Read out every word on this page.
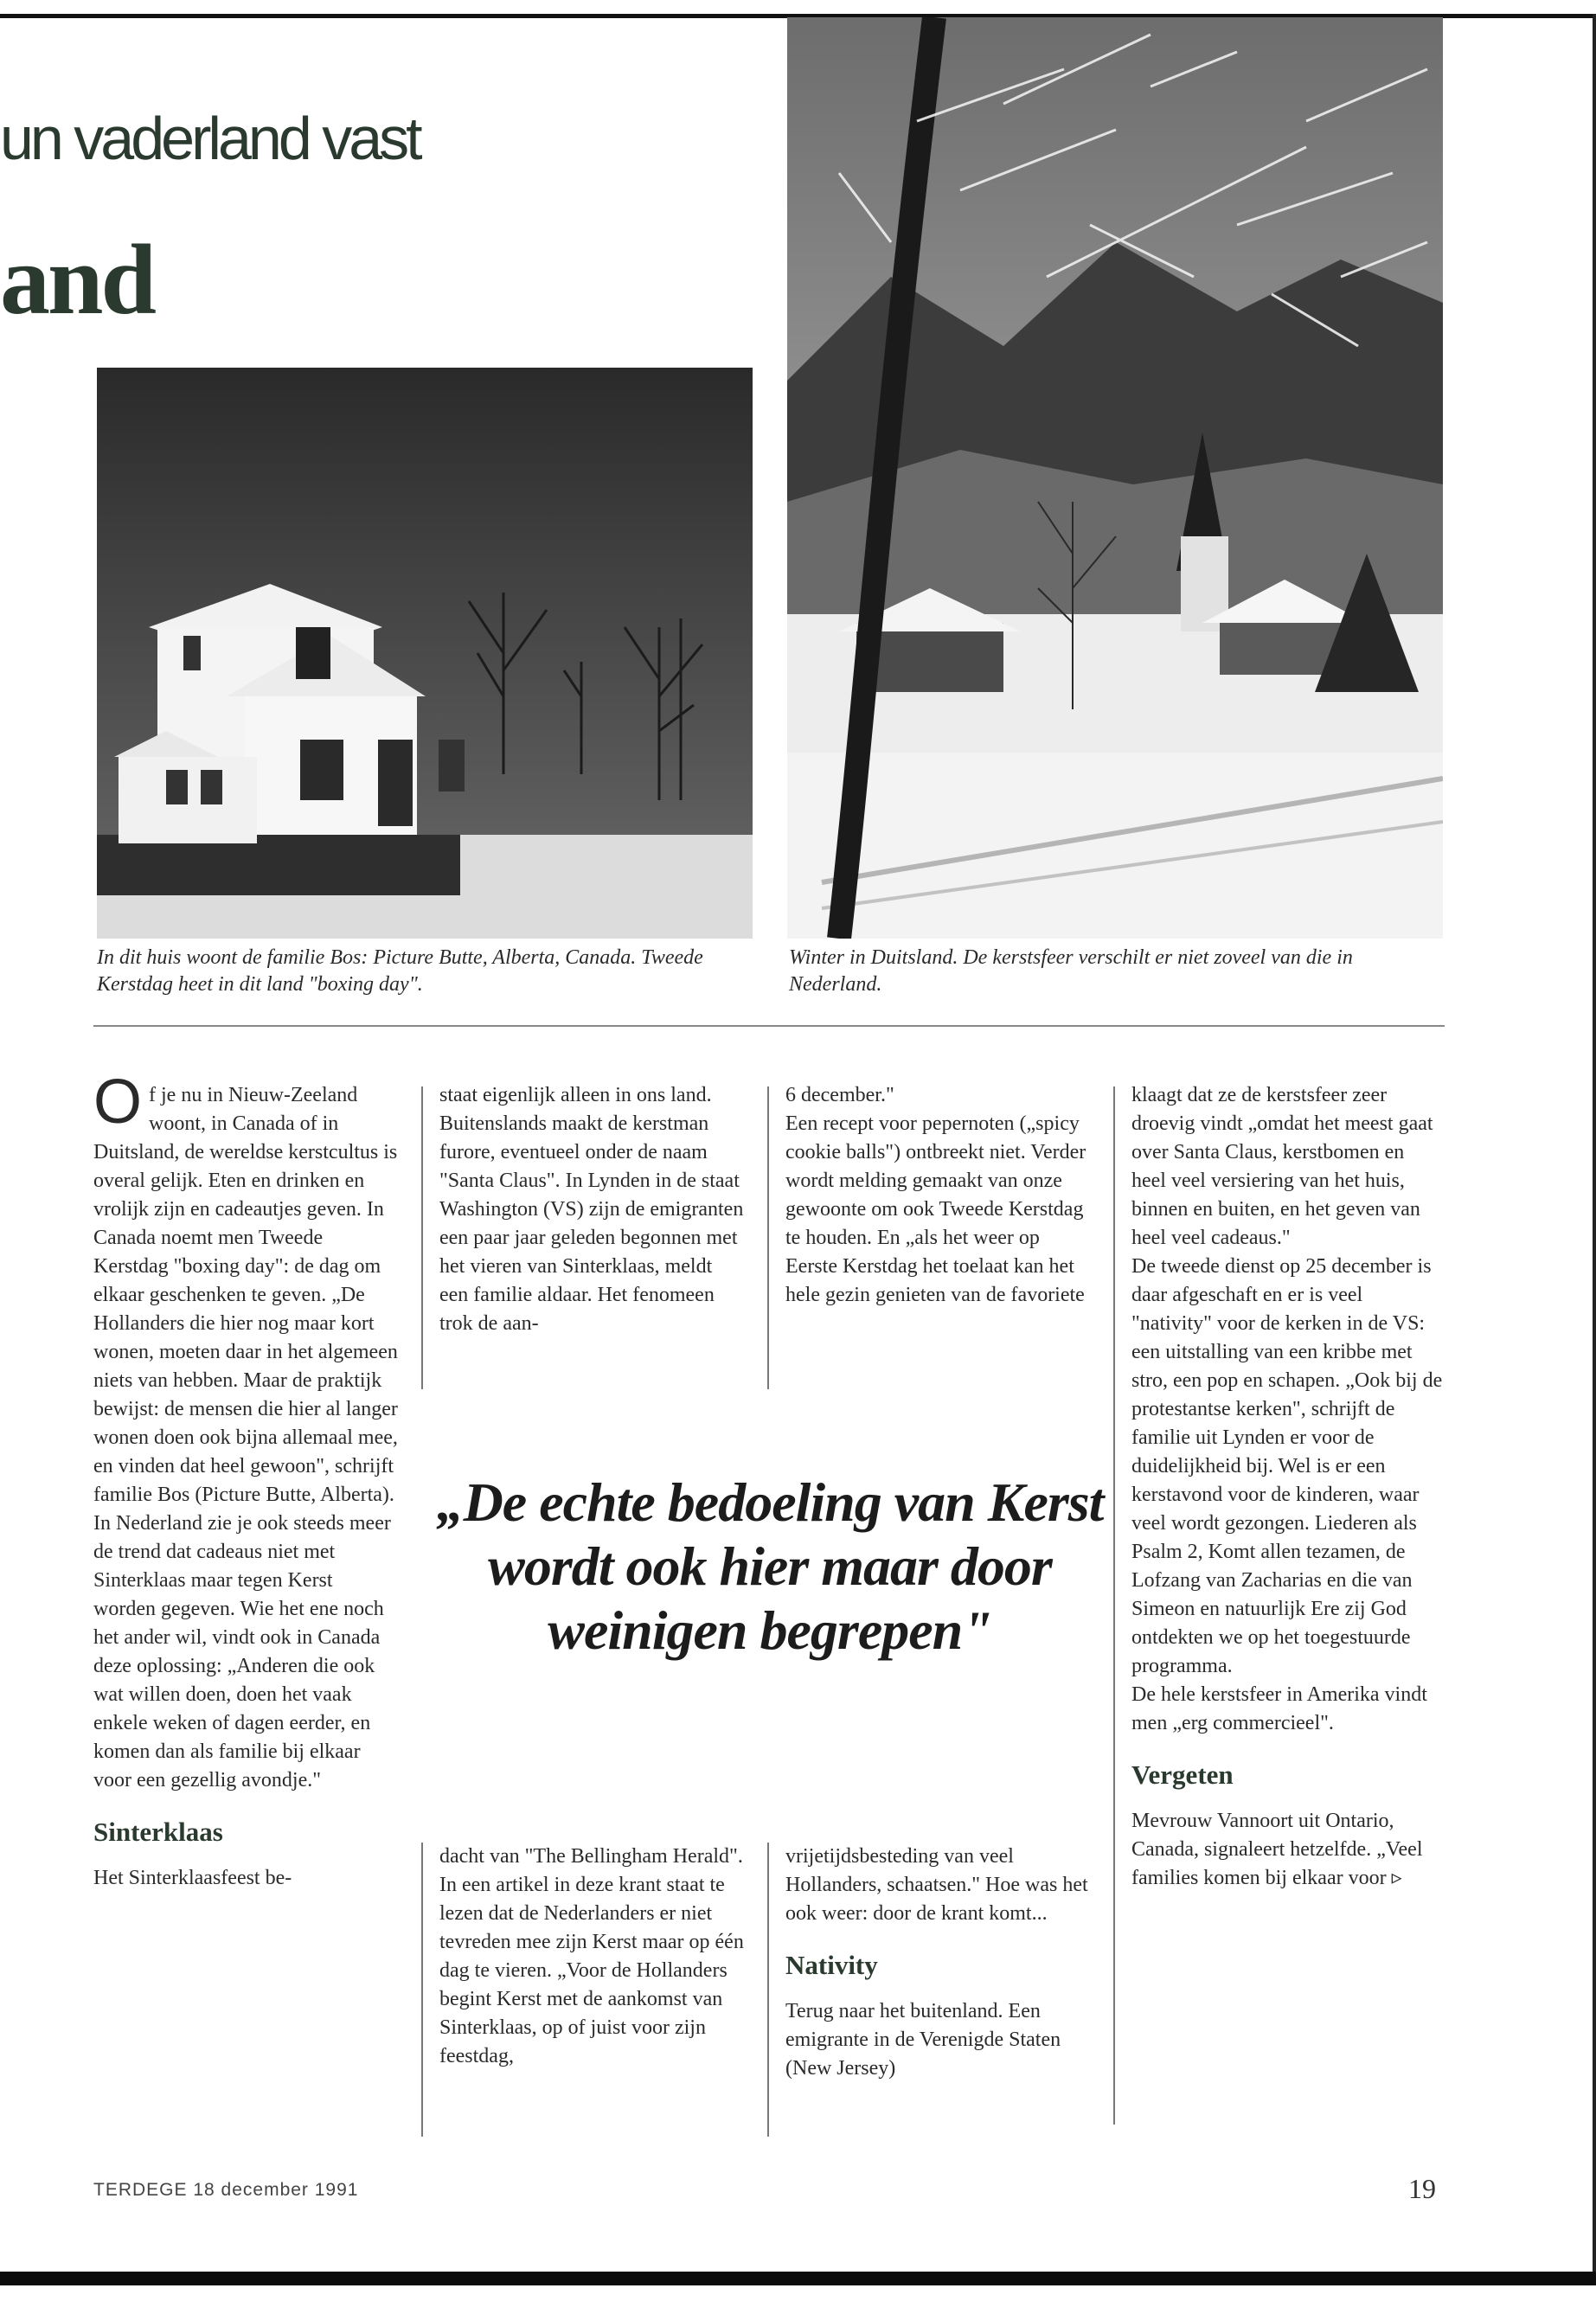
un vaderland vast
and
In dit huis woont de familie Bos: Picture Butte, Alberta, Canada. Tweede Kerstdag heet in dit land "boxing day".
Winter in Duitsland. De kerstsfeer verschilt er niet zoveel van die in Nederland.

Of je nu in Nieuw-Zeeland woont, in Canada of in Duitsland, de wereldse kerstcultus is overal gelijk. Eten en drinken en vrolijk zijn en cadeautjes geven. In Canada noemt men Tweede Kerstdag "boxing day": de dag om elkaar geschenken te geven. „De Hollanders die hier nog maar kort wonen, moeten daar in het algemeen niets van hebben. Maar de praktijk bewijst: de mensen die hier al langer wonen doen ook bijna allemaal mee, en vinden dat heel gewoon", schrijft familie Bos (Picture Butte, Alberta).

In Nederland zie je ook steeds meer de trend dat cadeaus niet met Sinterklaas maar tegen Kerst worden gegeven. Wie het ene noch het ander wil, vindt ook in Canada deze oplossing: „Anderen die ook wat willen doen, doen het vaak enkele weken of dagen eerder, en komen dan als familie bij elkaar voor een gezellig avondje."

Sinterklaas

Het Sinterklaasfeest be-

staat eigenlijk alleen in ons land. Buitenslands maakt de kerstman furore, eventueel onder de naam "Santa Claus". In Lynden in de staat Washington (VS) zijn de emigranten een paar jaar geleden begonnen met het vieren van Sinterklaas, meldt een familie aldaar. Het fenomeen trok de aan-

6 december."

Een recept voor pepernoten („spicy cookie balls") ontbreekt niet. Verder wordt melding gemaakt van onze gewoonte om ook Tweede Kerstdag te houden. En „als het weer op Eerste Kerstdag het toelaat kan het hele gezin genieten van de favoriete

klaagt dat ze de kerstsfeer zeer droevig vindt „omdat het meest gaat over Santa Claus, kerstbomen en heel veel versiering van het huis, binnen en buiten, en het geven van heel veel cadeaus."

De tweede dienst op 25 december is daar afgeschaft en er is veel "nativity" voor de kerken in de VS: een uitstalling van een kribbe met stro, een pop en schapen. „Ook bij de protestantse kerken", schrijft de familie uit Lynden er voor de duidelijkheid bij. Wel is er een kerstavond voor de kinderen, waar veel wordt gezongen. Liederen als Psalm 2, Komt allen tezamen, de Lofzang van Zacharias en die van Simeon en natuurlijk Ere zij God ontdekten we op het toegestuurde programma.

De hele kerstsfeer in Amerika vindt men „erg commercieel".

Vergeten

Mevrouw Vannoort uit Ontario, Canada, signaleert hetzelfde. „Veel families komen bij elkaar voor ▹

„De echte bedoeling van Kerst wordt ook hier maar door weinigen begrepen"

dacht van "The Bellingham Herald". In een artikel in deze krant staat te lezen dat de Nederlanders er niet tevreden mee zijn Kerst maar op één dag te vieren. „Voor de Hollanders begint Kerst met de aankomst van Sinterklaas, op of juist voor zijn feestdag,

vrijetijdsbesteding van veel Hollanders, schaatsen." Hoe was het ook weer: door de krant komt...

Nativity

Terug naar het buitenland. Een emigrante in de Verenigde Staten (New Jersey)

TERDEGE 18 december 1991	19
